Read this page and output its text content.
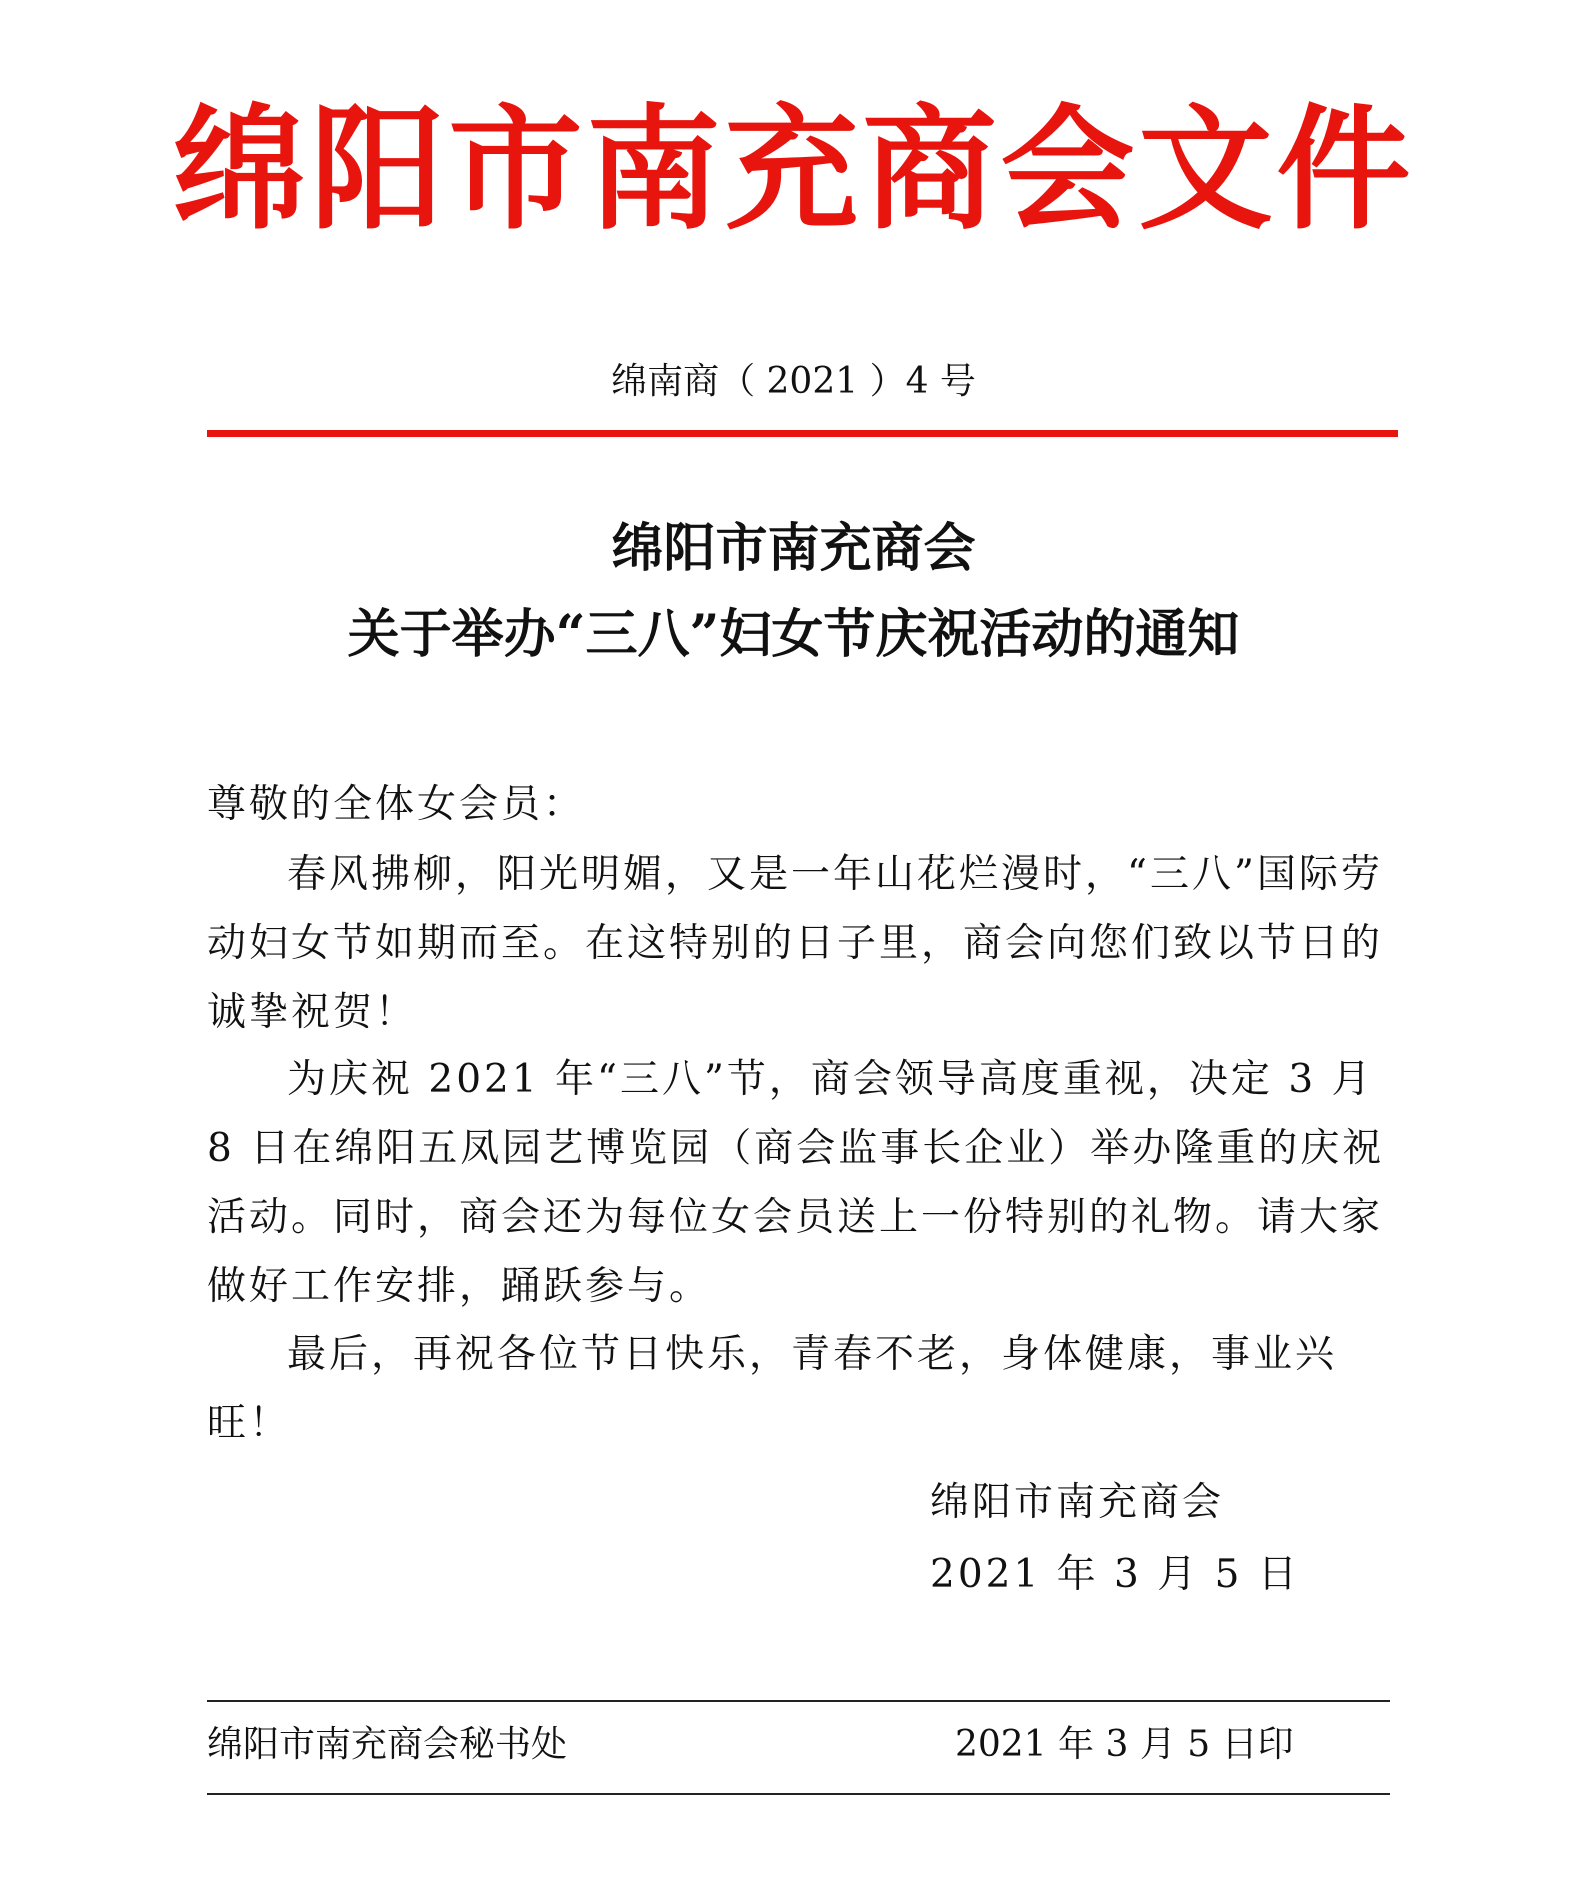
绵阳市南充商会文件
绵南商（ 2021 ）4 号
绵阳市南充商会
关于举办“三八”妇女节庆祝活动的通知
尊敬的全体女会员：
春风拂柳，阳光明媚，又是一年山花烂漫时，“三八”国际劳动妇女节如期而至。在这特别的日子里，商会向您们致以节日的诚挚祝贺！
为庆祝 2021 年“三八”节，商会领导高度重视，决定 3 月 8 日在绵阳五凤园艺博览园（商会监事长企业）举办隆重的庆祝活动。同时，商会还为每位女会员送上一份特别的礼物。请大家做好工作安排，踊跃参与。
最后，再祝各位节日快乐，青春不老，身体健康，事业兴旺！
绵阳市南充商会
2021 年 3 月 5 日
绵阳市南充商会秘书处	2021 年 3 月 5 日印
